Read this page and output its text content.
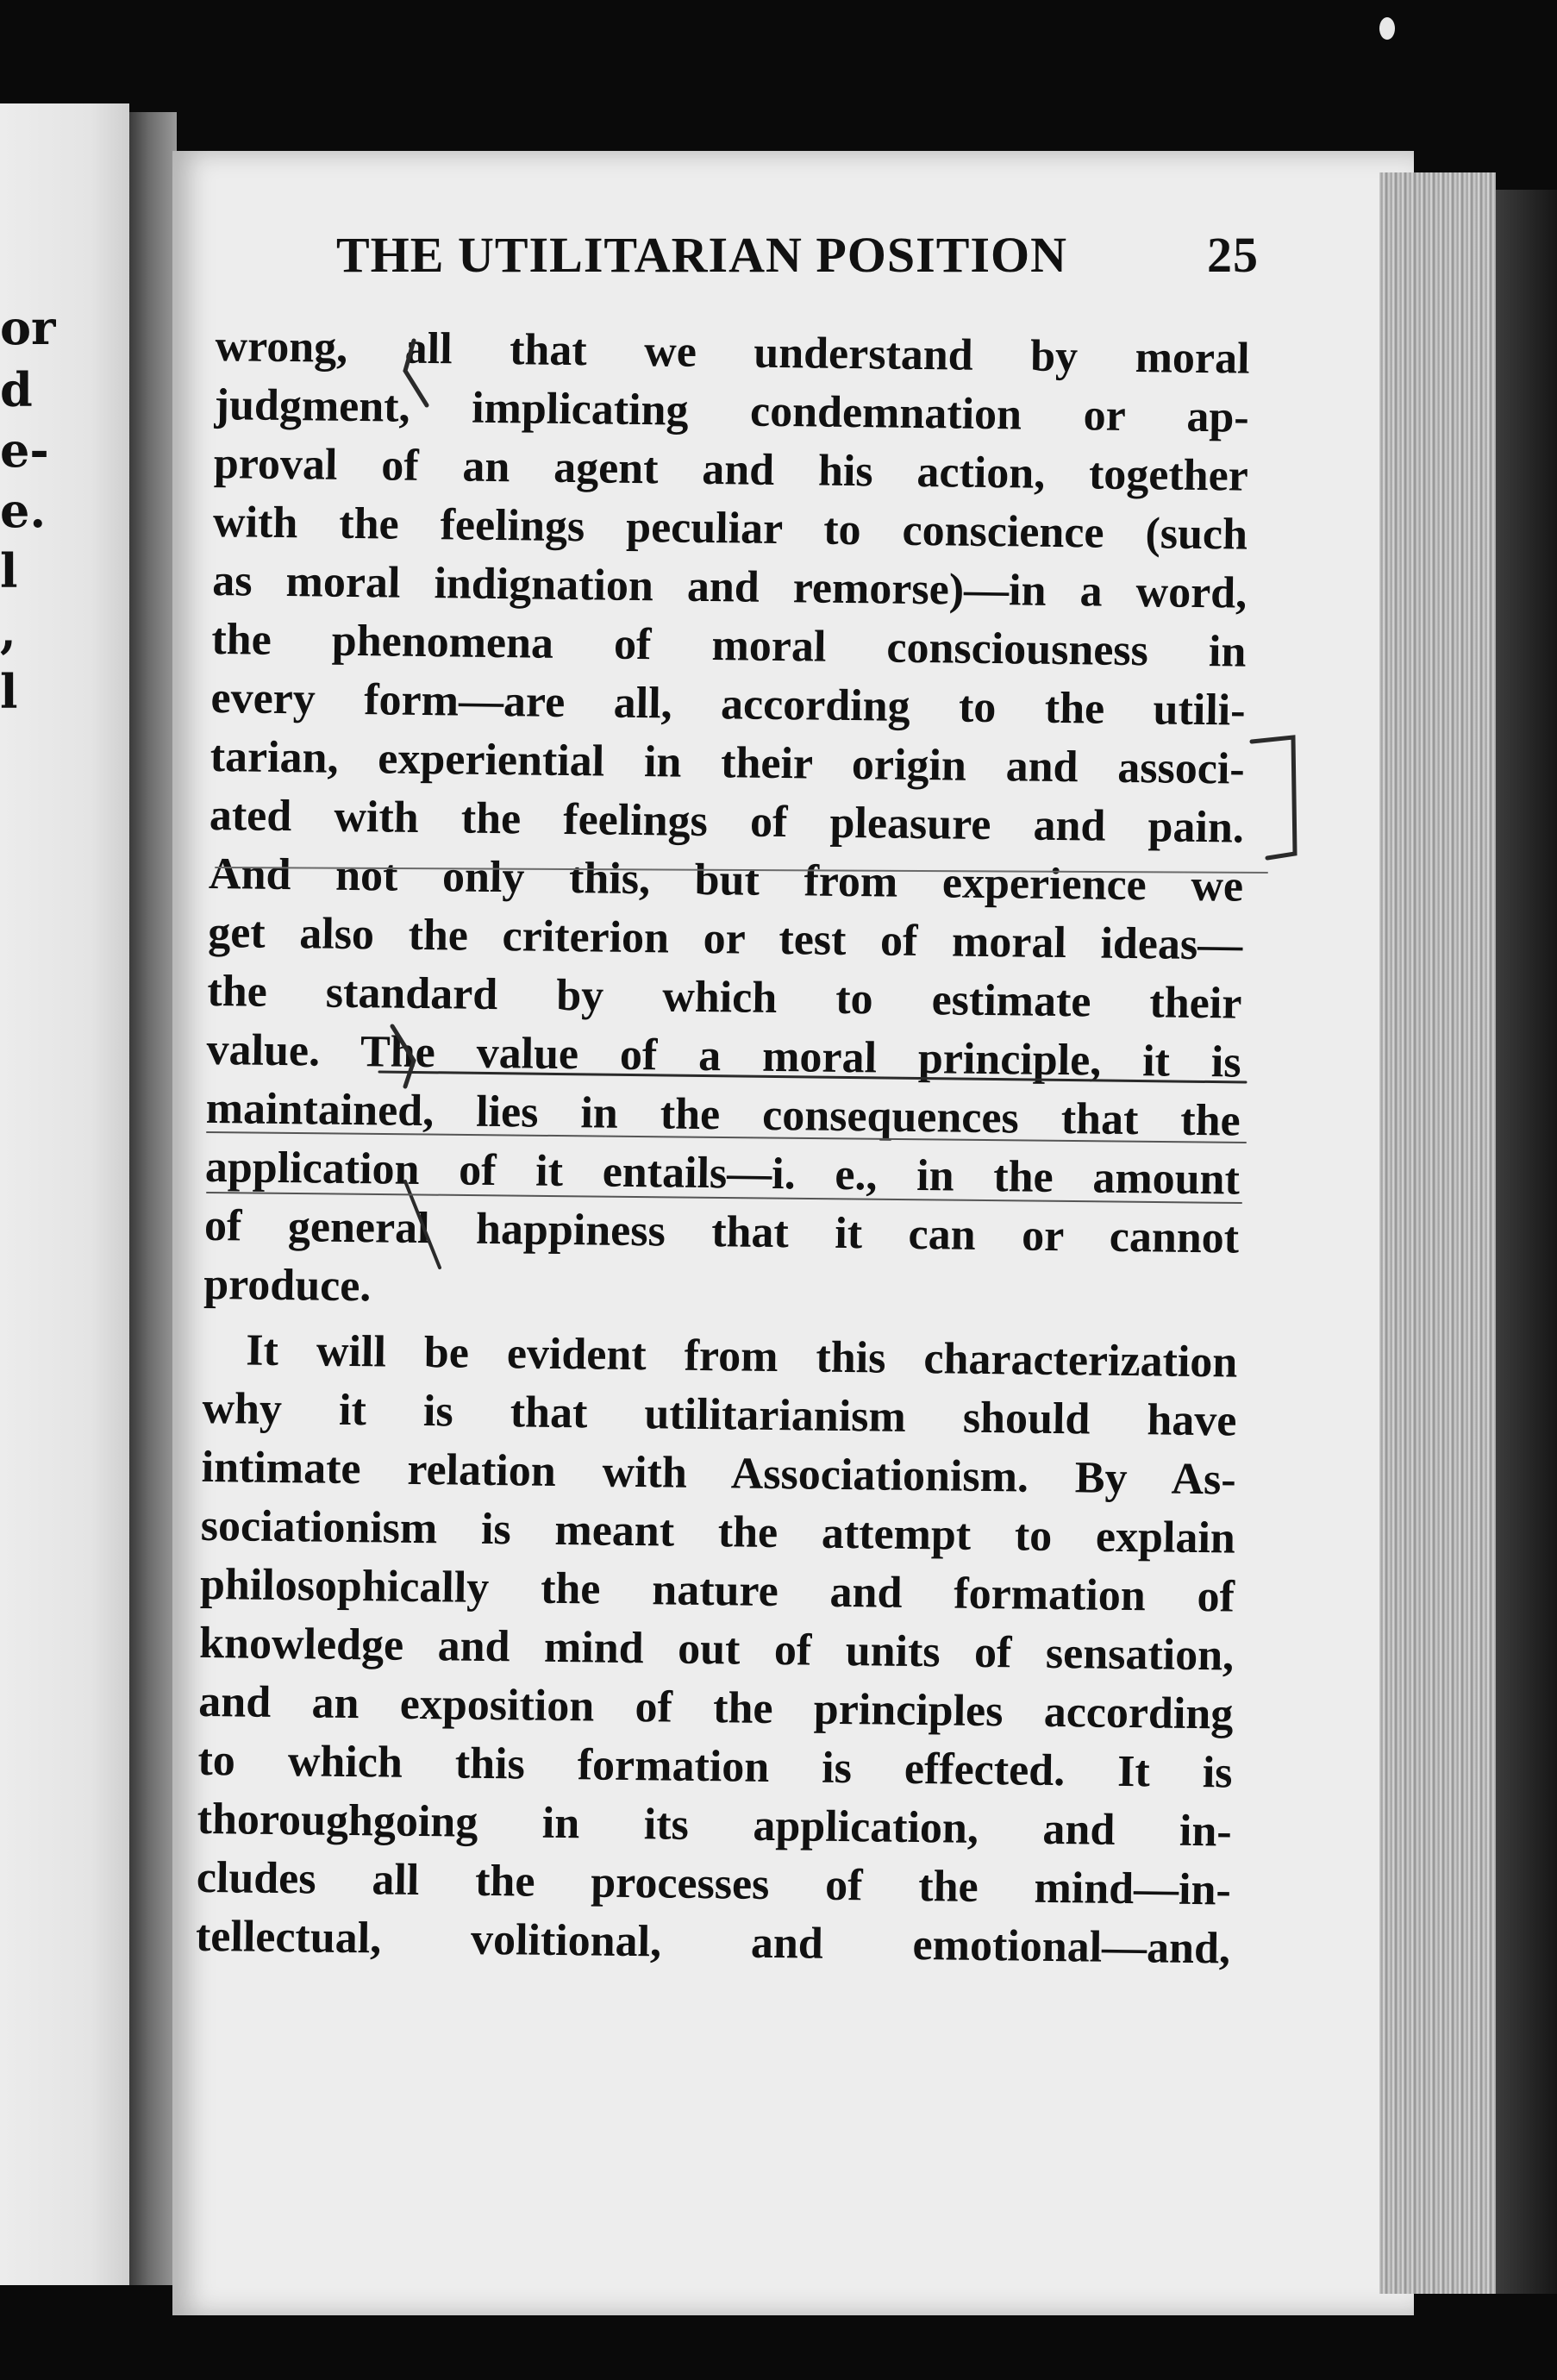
or
d
e-
e.
l
,
l
THE UTILITARIAN POSITION	25
wrong, all that we understand by moral
judgment, implicating condemnation or ap-
proval of an agent and his action, together
with the feelings peculiar to conscience (such
as moral indignation and remorse)—in a word,
the phenomena of moral consciousness in
every form—are all, according to the utili-
tarian, experiential in their origin and associ-
ated with the feelings of pleasure and pain.
And not only this, but from experience we
get also the criterion or test of moral ideas—
the standard by which to estimate their
value. The value of a moral principle, it is
maintained, lies in the consequences that the
application of it entails—i. e., in the amount
of general happiness that it can or cannot
produce.
It will be evident from this characterization
why it is that utilitarianism should have
intimate relation with Associationism. By As-
sociationism is meant the attempt to explain
philosophically the nature and formation of
knowledge and mind out of units of sensation,
and an exposition of the principles according
to which this formation is effected. It is
thoroughgoing in its application, and in-
cludes all the processes of the mind—in-
tellectual, volitional, and emotional—and,
